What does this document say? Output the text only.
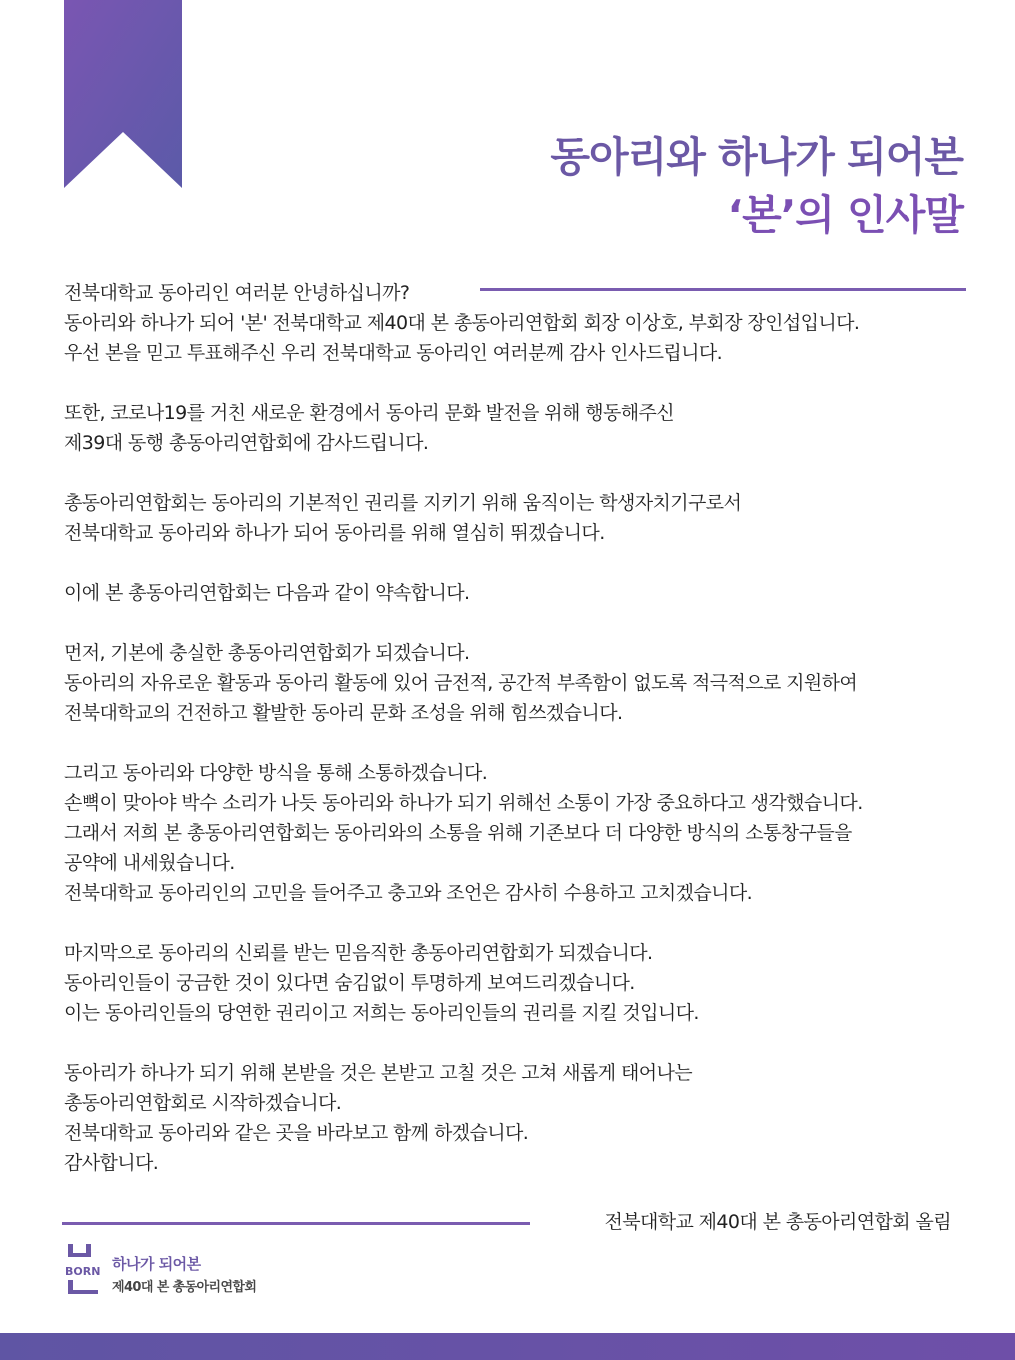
동아리와 하나가 되어본
‘본’의 인사말
전북대학교 동아리인 여러분 안녕하십니까?
동아리와 하나가 되어 '본' 전북대학교 제40대 본 총동아리연합회 회장 이상호, 부회장 장인섭입니다.
우선 본을 믿고 투표해주신 우리 전북대학교 동아리인 여러분께 감사 인사드립니다.
또한, 코로나19를 거친 새로운 환경에서 동아리 문화 발전을 위해 행동해주신
제39대 동행 총동아리연합회에 감사드립니다.
총동아리연합회는 동아리의 기본적인 권리를 지키기 위해 움직이는 학생자치기구로서
전북대학교 동아리와 하나가 되어 동아리를 위해 열심히 뛰겠습니다.
이에 본 총동아리연합회는 다음과 같이 약속합니다.
먼저, 기본에 충실한 총동아리연합회가 되겠습니다.
동아리의 자유로운 활동과 동아리 활동에 있어 금전적, 공간적 부족함이 없도록 적극적으로 지원하여
전북대학교의 건전하고 활발한 동아리 문화 조성을 위해 힘쓰겠습니다.
그리고 동아리와 다양한 방식을 통해 소통하겠습니다.
손뼉이 맞아야 박수 소리가 나듯 동아리와 하나가 되기 위해선 소통이 가장 중요하다고 생각했습니다.
그래서 저희 본 총동아리연합회는 동아리와의 소통을 위해 기존보다 더 다양한 방식의 소통창구들을
공약에 내세웠습니다.
전북대학교 동아리인의 고민을 들어주고 충고와 조언은 감사히 수용하고 고치겠습니다.
마지막으로 동아리의 신뢰를 받는 믿음직한 총동아리연합회가 되겠습니다.
동아리인들이 궁금한 것이 있다면 숨김없이 투명하게 보여드리겠습니다.
이는 동아리인들의 당연한 권리이고 저희는 동아리인들의 권리를 지킬 것입니다.
동아리가 하나가 되기 위해 본받을 것은 본받고 고칠 것은 고쳐 새롭게 태어나는
총동아리연합회로 시작하겠습니다.
전북대학교 동아리와 같은 곳을 바라보고 함께 하겠습니다.
감사합니다.
전북대학교 제40대 본 총동아리연합회 올림
BORN 하나가 되어본
제40대 본 총동아리연합회
